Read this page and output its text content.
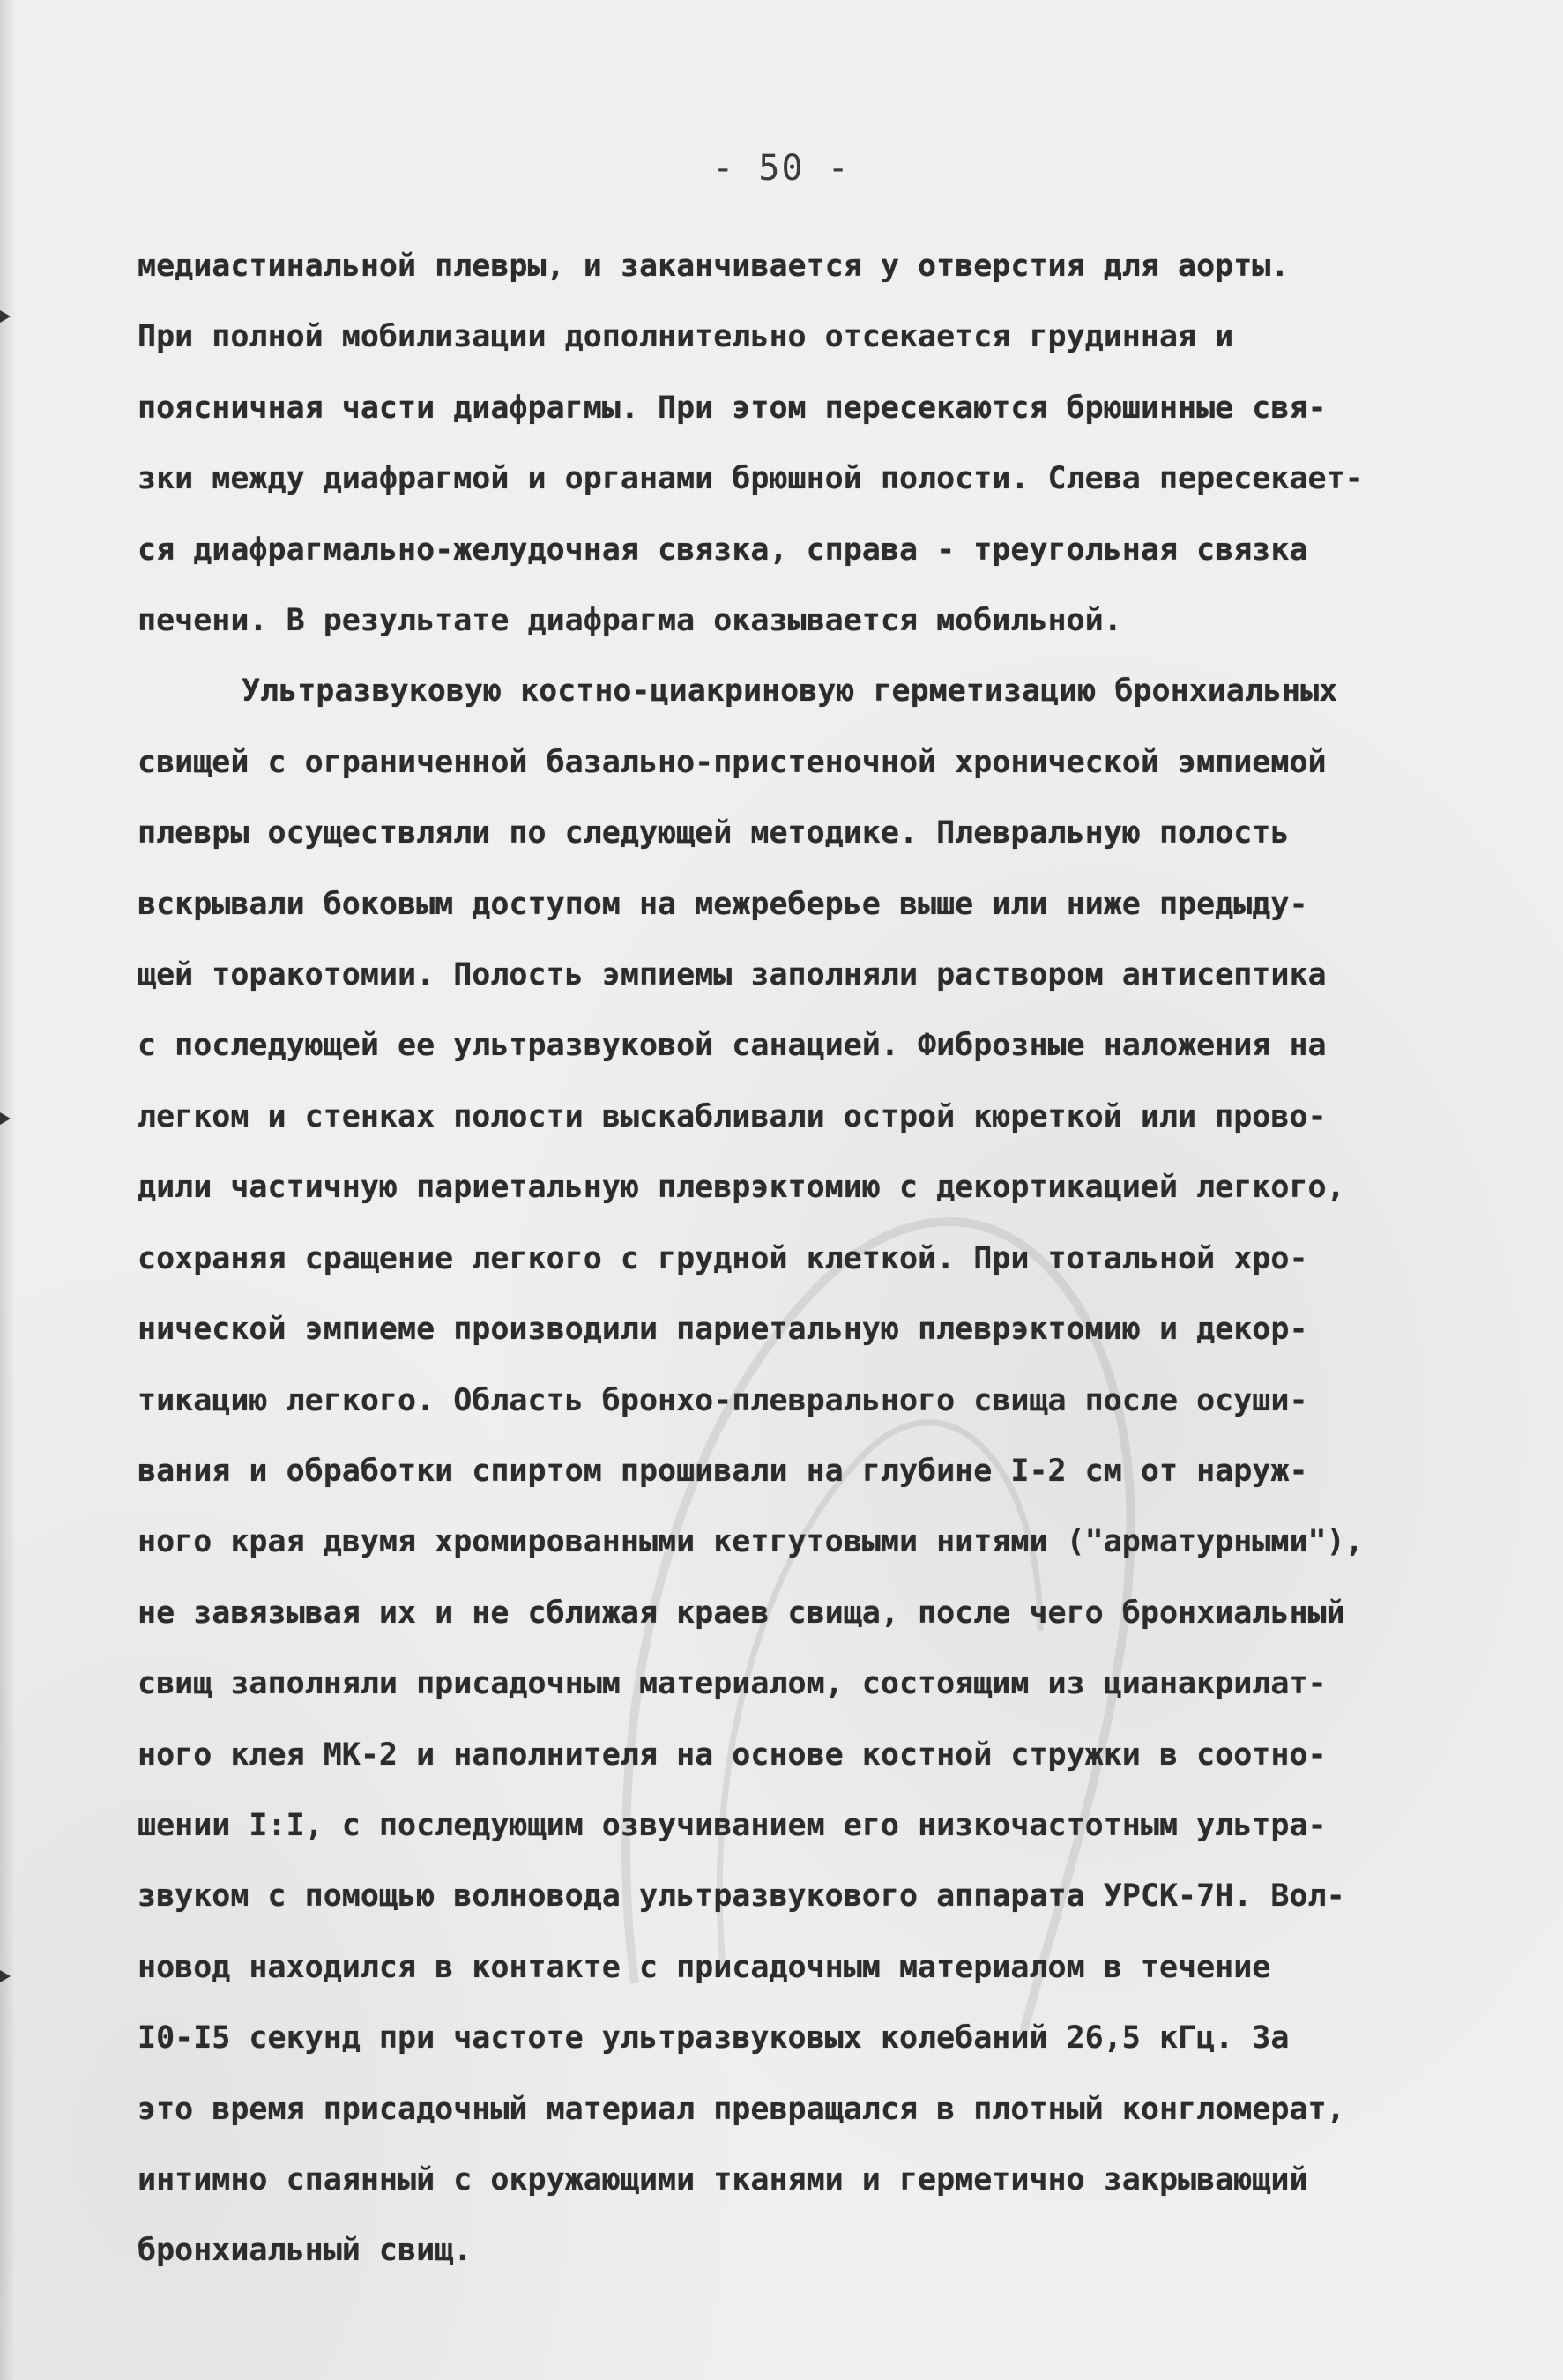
- 50 -
медиастинальной плевры, и заканчивается у отверстия для аорты.
При полной мобилизации дополнительно отсекается грудинная и
поясничная части диафрагмы. При этом пересекаются брюшинные свя-
зки между диафрагмой и органами брюшной полости. Слева пересекает-
ся диафрагмально-желудочная связка, справа - треугольная связка
печени. В результате диафрагма оказывается мобильной.
Ультразвуковую костно-циакриновую герметизацию бронхиальных
свищей с ограниченной базально-пристеночной хронической эмпиемой
плевры осуществляли по следующей методике. Плевральную полость
вскрывали боковым доступом на межреберье выше или ниже предыду-
щей торакотомии. Полость эмпиемы заполняли раствором антисептика
с последующей ее ультразвуковой санацией. Фиброзные наложения на
легком и стенках полости выскабливали острой кюреткой или прово-
дили частичную париетальную плеврэктомию с декортикацией легкого,
сохраняя сращение легкого с грудной клеткой. При тотальной хро-
нической эмпиеме производили париетальную плеврэктомию и декор-
тикацию легкого. Область бронхо-плеврального свища после осуши-
вания и обработки спиртом прошивали на глубине I-2 см от наруж-
ного края двумя хромированными кетгутовыми нитями ("арматурными"),
не завязывая их и не сближая краев свища, после чего бронхиальный
свищ заполняли присадочным материалом, состоящим из цианакрилат-
ного клея МК-2 и наполнителя на основе костной стружки в соотно-
шении I:I, с последующим озвучиванием его низкочастотным ультра-
звуком с помощью волновода ультразвукового аппарата УРСК-7Н. Вол-
новод находился в контакте с присадочным материалом в течение
I0-I5 секунд при частоте ультразвуковых колебаний 26,5 кГц. За
это время присадочный материал превращался в плотный конгломерат,
интимно спаянный с окружающими тканями и герметично закрывающий
бронхиальный свищ.
